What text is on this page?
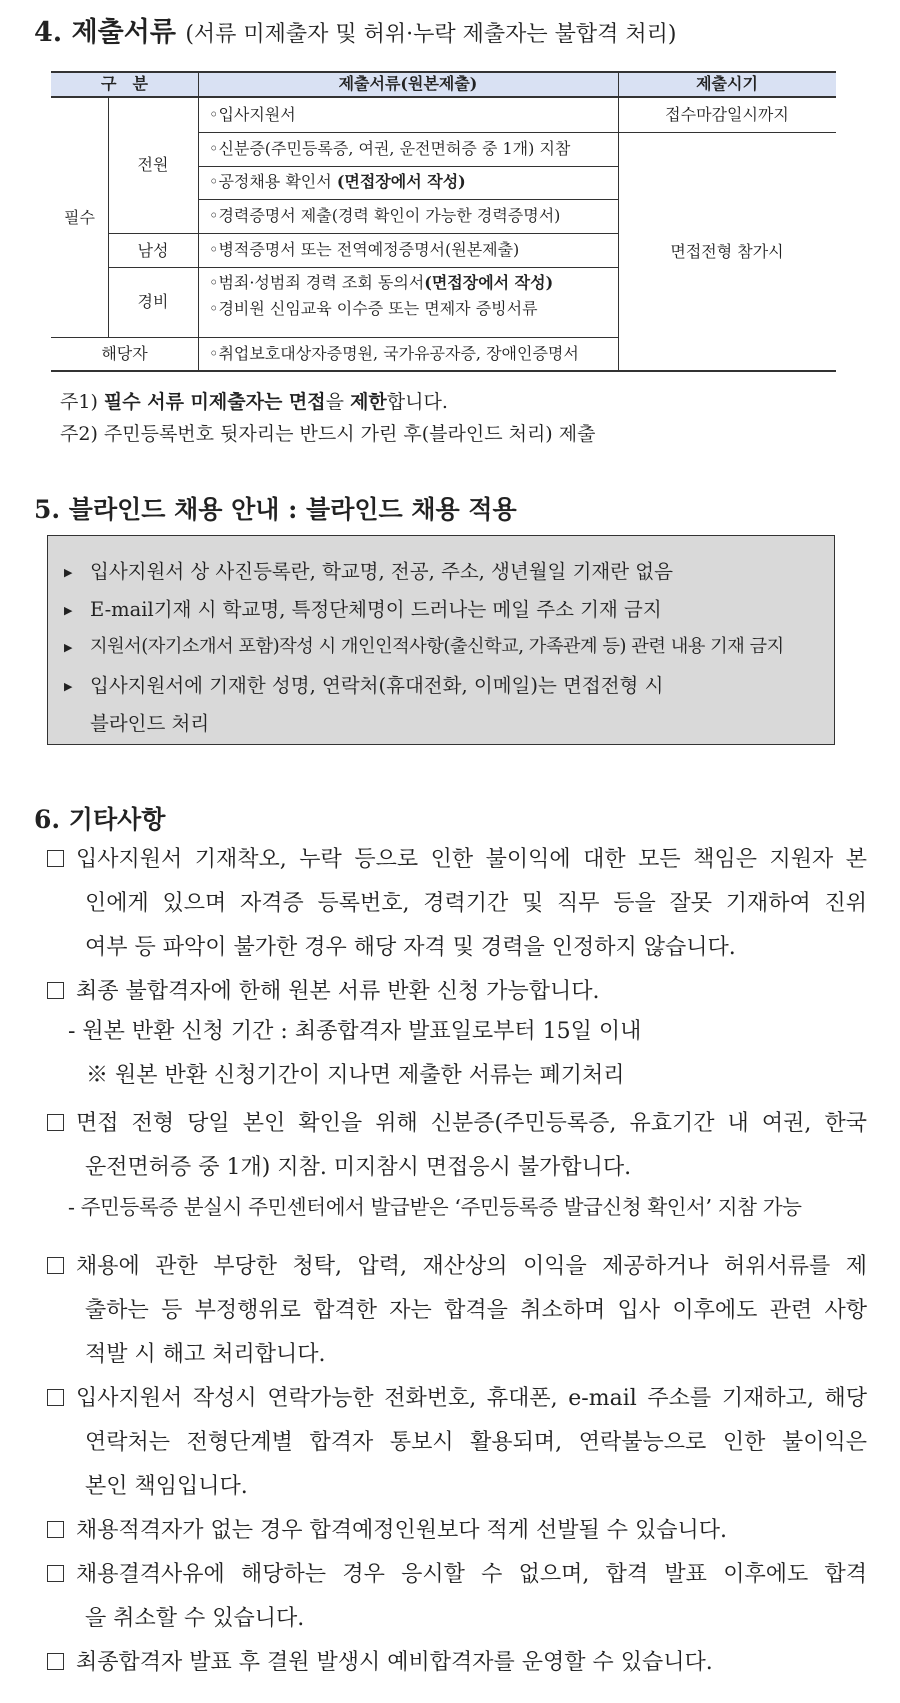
4. 제출서류 (서류 미제출자 및 허위·누락 제출자는 불합격 처리)
구　분	제출서류(원본제출)	제출시기
필수
전원
남성
경비
해당자
◦입사지원서
◦신분증(주민등록증, 여권, 운전면허증 중 1개) 지참
◦공정채용 확인서 (면접장에서 작성)
◦경력증명서 제출(경력 확인이 가능한 경력증명서)
◦병적증명서 또는 전역예정증명서(원본제출)
◦범죄·성범죄 경력 조회 동의서(면접장에서 작성)
◦경비원 신임교육 이수증 또는 면제자 증빙서류
◦취업보호대상자증명원, 국가유공자증, 장애인증명서
접수마감일시까지
면접전형 참가시
주1) 필수 서류 미제출자는 면접을 제한합니다.
주2) 주민등록번호 뒷자리는 반드시 가린 후(블라인드 처리) 제출
5. 블라인드 채용 안내 : 블라인드 채용 적용
▶ 입사지원서 상 사진등록란, 학교명, 전공, 주소, 생년월일 기재란 없음
▶ E-mail기재 시 학교명, 특정단체명이 드러나는 메일 주소 기재 금지
▶ 지원서(자기소개서 포함)작성 시 개인인적사항(출신학교, 가족관계 등) 관련 내용 기재 금지
▶ 입사지원서에 기재한 성명, 연락처(휴대전화, 이메일)는 면접전형 시
블라인드 처리
6. 기타사항
입사지원서 기재착오, 누락 등으로 인한 불이익에 대한 모든 책임은 지원자 본
인에게 있으며 자격증 등록번호, 경력기간 및 직무 등을 잘못 기재하여 진위
여부 등 파악이 불가한 경우 해당 자격 및 경력을 인정하지 않습니다.
최종 불합격자에 한해 원본 서류 반환 신청 가능합니다.
- 원본 반환 신청 기간 : 최종합격자 발표일로부터 15일 이내
※ 원본 반환 신청기간이 지나면 제출한 서류는 폐기처리
면접 전형 당일 본인 확인을 위해 신분증(주민등록증, 유효기간 내 여권, 한국
운전면허증 중 1개) 지참. 미지참시 면접응시 불가합니다.
- 주민등록증 분실시 주민센터에서 발급받은 ‘주민등록증 발급신청 확인서’ 지참 가능
채용에 관한 부당한 청탁, 압력, 재산상의 이익을 제공하거나 허위서류를 제
출하는 등 부정행위로 합격한 자는 합격을 취소하며 입사 이후에도 관련 사항
적발 시 해고 처리합니다.
입사지원서 작성시 연락가능한 전화번호, 휴대폰, e-mail 주소를 기재하고, 해당
연락처는 전형단계별 합격자 통보시 활용되며, 연락불능으로 인한 불이익은
본인 책임입니다.
채용적격자가 없는 경우 합격예정인원보다 적게 선발될 수 있습니다.
채용결격사유에 해당하는 경우 응시할 수 없으며, 합격 발표 이후에도 합격
을 취소할 수 있습니다.
최종합격자 발표 후 결원 발생시 예비합격자를 운영할 수 있습니다.
